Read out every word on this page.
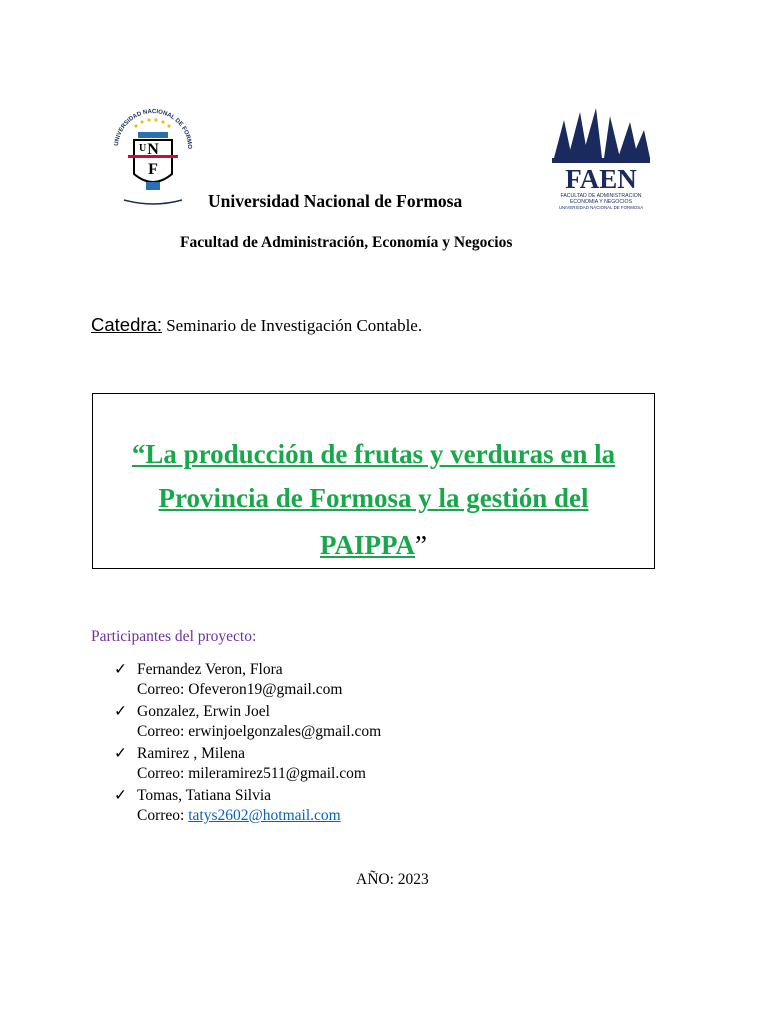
UNIVERSIDAD NACIONAL DE FORMO
N
F
U
FAEN
FACULTAD DE ADMINISTRACION
ECONOMIA Y NEGOCIOS
UNIVERSIDAD NACIONAL DE FORMOSA
Universidad Nacional de Formosa
Facultad de Administración, Economía y Negocios
Catedra: Seminario de Investigación Contable.
“La producción de frutas y verduras en la
Provincia de Formosa y la gestión del
PAIPPA”
Participantes del proyecto:
✓ Fernandez Veron, Flora
Correo: Ofeveron19@gmail.com
✓ Gonzalez, Erwin Joel
Correo: erwinjoelgonzales@gmail.com
✓ Ramirez , Milena
Correo: mileramirez511@gmail.com
✓ Tomas, Tatiana Silvia
Correo: tatys2602@hotmail.com
AÑO: 2023
